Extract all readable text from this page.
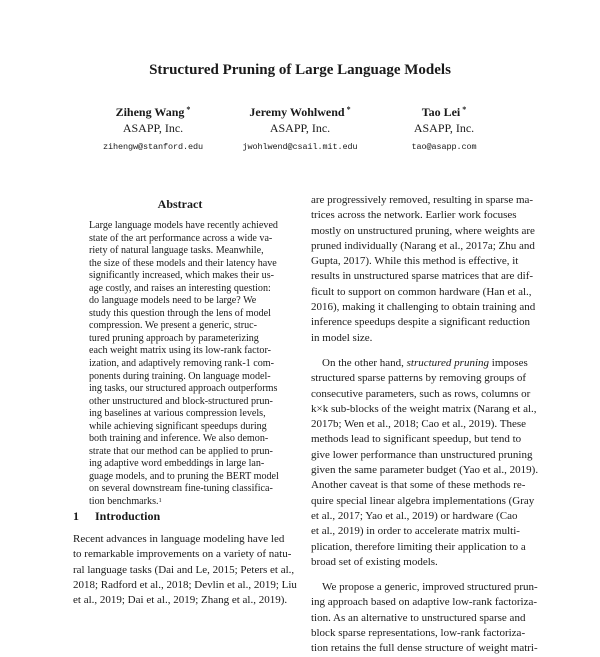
Structured Pruning of Large Language Models
Ziheng Wang *
ASAPP, Inc.
zihengw@stanford.edu
Jeremy Wohlwend *
ASAPP, Inc.
jwohlwend@csail.mit.edu
Tao Lei *
ASAPP, Inc.
tao@asapp.com
Abstract
Large language models have recently achieved
state of the art performance across a wide va-
riety of natural language tasks. Meanwhile,
the size of these models and their latency have
significantly increased, which makes their us-
age costly, and raises an interesting question:
do language models need to be large? We
study this question through the lens of model
compression. We present a generic, struc-
tured pruning approach by parameterizing
each weight matrix using its low-rank factor-
ization, and adaptively removing rank-1 com-
ponents during training. On language model-
ing tasks, our structured approach outperforms
other unstructured and block-structured prun-
ing baselines at various compression levels,
while achieving significant speedups during
both training and inference. We also demon-
strate that our method can be applied to prun-
ing adaptive word embeddings in large lan-
guage models, and to pruning the BERT model
on several downstream fine-tuning classifica-
tion benchmarks.$^1$
1 Introduction
Recent advances in language modeling have led
to remarkable improvements on a variety of natu-
ral language tasks (Dai and Le, 2015; Peters et al.,
2018; Radford et al., 2018; Devlin et al., 2019; Liu
et al., 2019; Dai et al., 2019; Zhang et al., 2019).
are progressively removed, resulting in sparse ma-
trices across the network. Earlier work focuses
mostly on unstructured pruning, where weights are
pruned individually (Narang et al., 2017a; Zhu and
Gupta, 2017). While this method is effective, it
results in unstructured sparse matrices that are dif-
ficult to support on common hardware (Han et al.,
2016), making it challenging to obtain training and
inference speedups despite a significant reduction
in model size.
On the other hand, structured pruning imposes
structured sparse patterns by removing groups of
consecutive parameters, such as rows, columns or
k×k sub-blocks of the weight matrix (Narang et al.,
2017b; Wen et al., 2018; Cao et al., 2019). These
methods lead to significant speedup, but tend to
give lower performance than unstructured pruning
given the same parameter budget (Yao et al., 2019).
Another caveat is that some of these methods re-
quire special linear algebra implementations (Gray
et al., 2017; Yao et al., 2019) or hardware (Cao
et al., 2019) in order to accelerate matrix multi-
plication, therefore limiting their application to a
broad set of existing models.
We propose a generic, improved structured prun-
ing approach based on adaptive low-rank factoriza-
tion. As an alternative to unstructured sparse and
block sparse representations, low-rank factoriza-
tion retains the full dense structure of weight matri-
